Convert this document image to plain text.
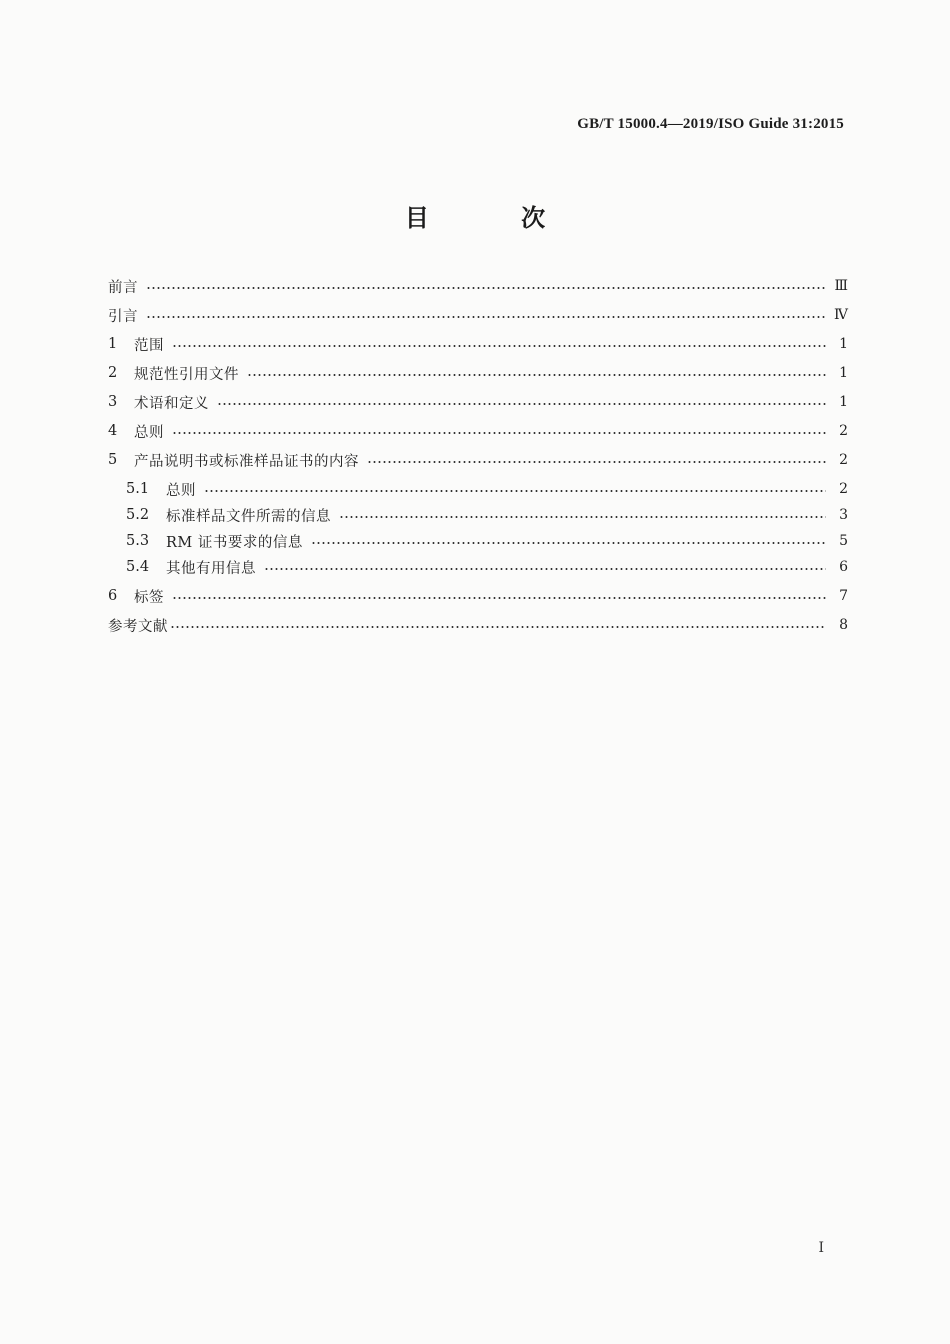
GB/T 15000.4—2019/ISO Guide 31:2015
目 次
前言	Ⅲ
引言	Ⅳ
1	范围	1
2	规范性引用文件	1
3	术语和定义	1
4	总则	2
5	产品说明书或标准样品证书的内容	2
5.1	总则	2
5.2	标准样品文件所需的信息	3
5.3	RM 证书要求的信息	5
5.4	其他有用信息	6
6	标签	7
参考文献	8
I
